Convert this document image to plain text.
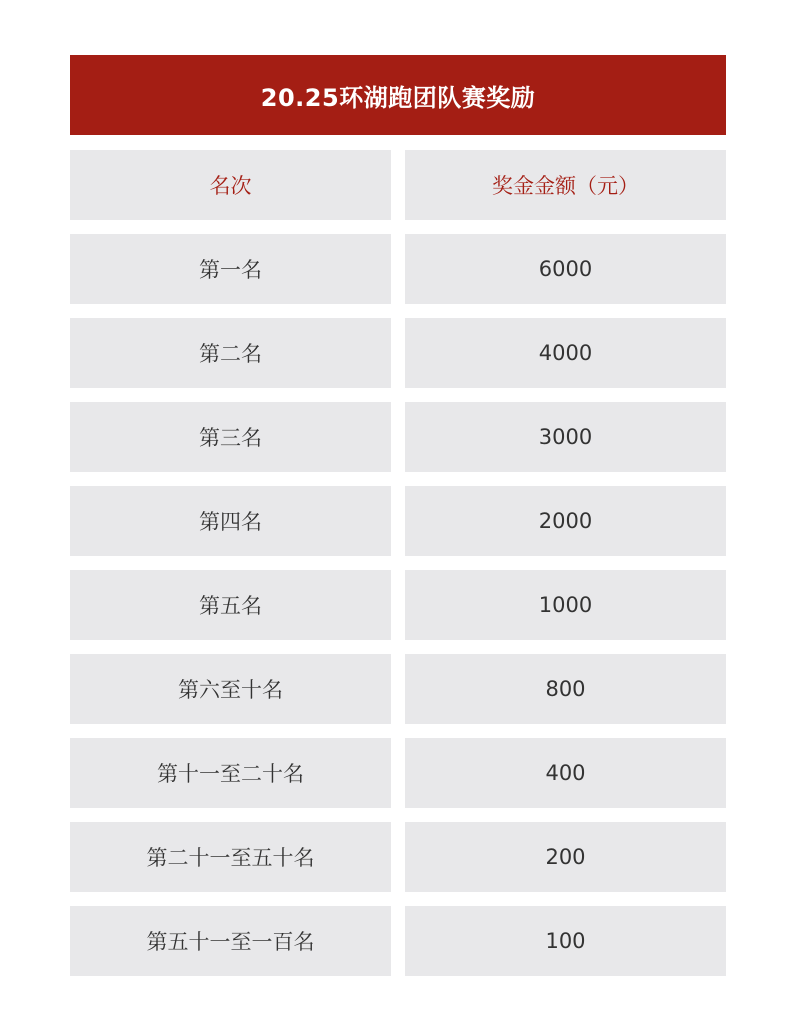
20.25环湖跑团队赛奖励
名次	奖金金额（元）
第一名	6000
第二名	4000
第三名	3000
第四名	2000
第五名	1000
第六至十名	800
第十一至二十名	400
第二十一至五十名	200
第五十一至一百名	100
